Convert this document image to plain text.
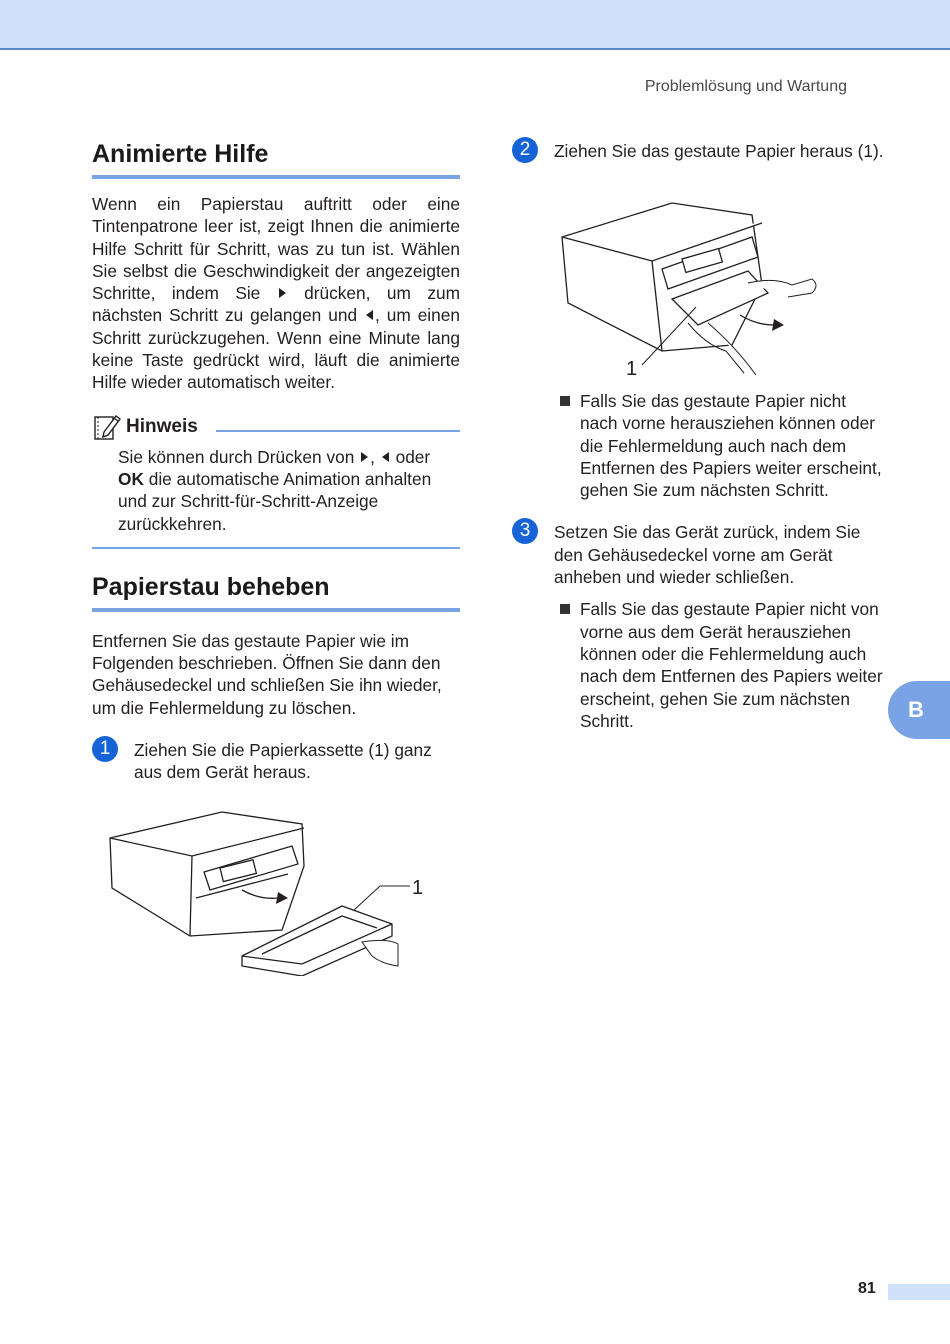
Problemlösung und Wartung
Animierte Hilfe

Wenn ein Papierstau auftritt oder eine Tintenpatrone leer ist, zeigt Ihnen die animierte Hilfe Schritt für Schritt, was zu tun ist. Wählen Sie selbst die Geschwindigkeit der angezeigten Schritte, indem Sie	drücken, um zum nächsten Schritt zu gelangen und , um einen Schritt zurückzugehen. Wenn eine Minute lang keine Taste gedrückt wird, läuft die animierte Hilfe wieder automatisch weiter.

Hinweis
Sie können durch Drücken von , oder OK die automatische Animation anhalten und zur Schritt-für-Schritt-Anzeige zurückkehren.
Papierstau beheben

Entfernen Sie das gestaute Papier wie im Folgenden beschrieben. Öffnen Sie dann den Gehäusedeckel und schließen Sie ihn wieder, um die Fehlermeldung zu löschen.

1	Ziehen Sie die Papierkassette (1) ganz aus dem Gerät heraus.
1
2	Ziehen Sie das gestaute Papier heraus (1).
1
Falls Sie das gestaute Papier nicht nach vorne herausziehen können oder die Fehlermeldung auch nach dem Entfernen des Papiers weiter erscheint, gehen Sie zum nächsten Schritt.
3	Setzen Sie das Gerät zurück, indem Sie den Gehäusedeckel vorne am Gerät anheben und wieder schließen.
Falls Sie das gestaute Papier nicht von vorne aus dem Gerät herausziehen können oder die Fehlermeldung auch nach dem Entfernen des Papiers weiter erscheint, gehen Sie zum nächsten Schritt.	B
81
